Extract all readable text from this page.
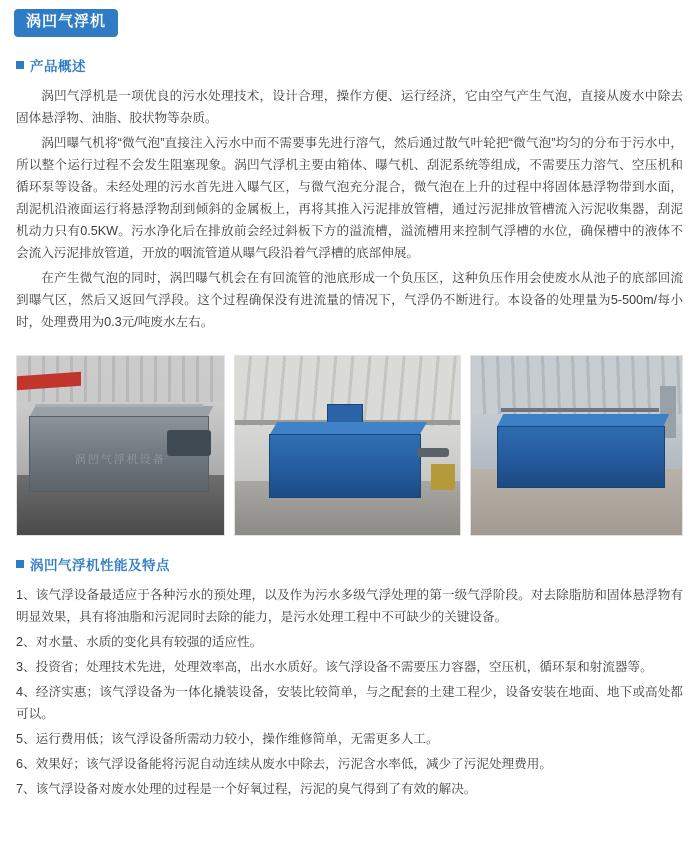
涡凹气浮机
产品概述

涡凹气浮机是一项优良的污水处理技术，设计合理，操作方便、运行经济，它由空气产生气泡，直接从废水中除去固体悬浮物、油脂、胶状物等杂质。

涡凹曝气机将“微气泡”直接注入污水中而不需要事先进行溶气，然后通过散气叶轮把“微气泡”均匀的分布于污水中，所以整个运行过程不会发生阻塞现象。涡凹气浮机主要由箱体、曝气机、刮泥系统等组成，不需要压力溶气、空压机和循环泵等设备。未经处理的污水首先进入曝气区，与微气泡充分混合，微气泡在上升的过程中将固体悬浮物带到水面，刮泥机沿液面运行将悬浮物刮到倾斜的金属板上，再将其推入污泥排放管槽，通过污泥排放管槽流入污泥收集器，刮泥机动力只有0.5KW。污水净化后在排放前会经过斜板下方的溢流槽，溢流槽用来控制气浮槽的水位，确保槽中的液体不会流入污泥排放管道，开放的咽流管道从曝气段沿着气浮槽的底部伸展。

在产生微气泡的同时，涡凹曝气机会在有回流管的池底形成一个负压区，这种负压作用会使废水从池子的底部回流到曝气区，然后又返回气浮段。这个过程确保没有进流量的情况下，气浮仍不断进行。本设备的处理量为5-500m/每小时，处理费用为0.3元/吨废水左右。

涡凹气浮机设备
涡凹气浮机性能及特点

1、该气浮设备最适应于各种污水的预处理，以及作为污水多级气浮处理的第一级气浮阶段。对去除脂肪和固体悬浮物有明显效果，具有将油脂和污泥同时去除的能力，是污水处理工程中不可缺少的关键设备。

2、对水量、水质的变化具有较强的适应性。

3、投资省；处理技术先进，处理效率高，出水水质好。该气浮设备不需要压力容器，空压机，循环泵和射流器等。

4、经济实惠；该气浮设备为一体化撬装设备，安装比较简单，与之配套的土建工程少，设备安装在地面、地下或高处都可以。

5、运行费用低；该气浮设备所需动力较小，操作维修简单，无需更多人工。

6、效果好；该气浮设备能将污泥自动连续从废水中除去，污泥含水率低，减少了污泥处理费用。

7、该气浮设备对废水处理的过程是一个好氧过程，污泥的臭气得到了有效的解决。
